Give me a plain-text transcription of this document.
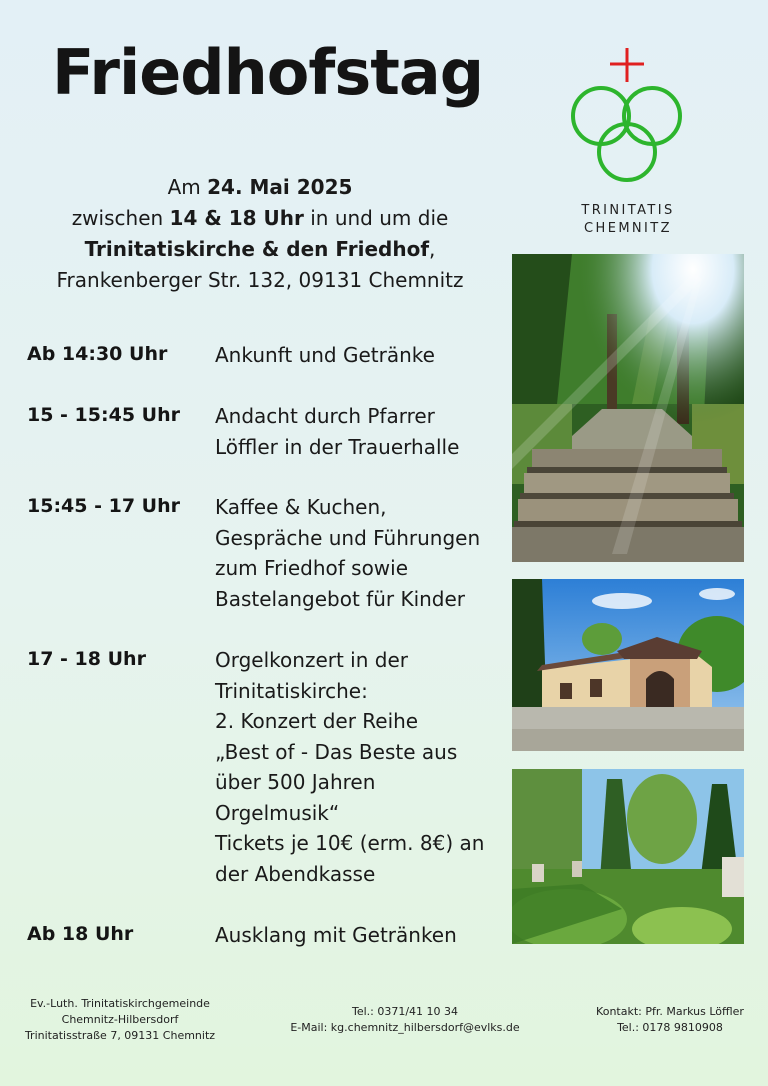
Friedhofstag
TRINITATIS
CHEMNITZ
Am 24. Mai 2025
zwischen 14 & 18 Uhr in und um die
Trinitatiskirche & den Friedhof,
Frankenberger Str. 132, 09131 Chemnitz
Ab 14:30 Uhr Ankunft und Getränke
15 - 15:45 Uhr Andacht durch Pfarrer
Löffler in der Trauerhalle
15:45 - 17 Uhr Kaffee & Kuchen,
Gespräche und Führungen
zum Friedhof sowie
Bastelangebot für Kinder
17 - 18 Uhr	Orgelkonzert in der
Trinitatiskirche:
2. Konzert der Reihe
„Best of - Das Beste aus
über 500 Jahren
Orgelmusik“
Tickets je 10€ (erm. 8€) an
der Abendkasse
Ab 18 Uhr	Ausklang mit Getränken
Ev.-Luth. Trinitatiskirchgemeinde
Chemnitz-Hilbersdorf
Trinitatisstraße 7, 09131 Chemnitz
Tel.: 0371/41 10 34
E-Mail: kg.chemnitz_hilbersdorf@evlks.de
Kontakt: Pfr. Markus Löffler
Tel.: 0178 9810908
